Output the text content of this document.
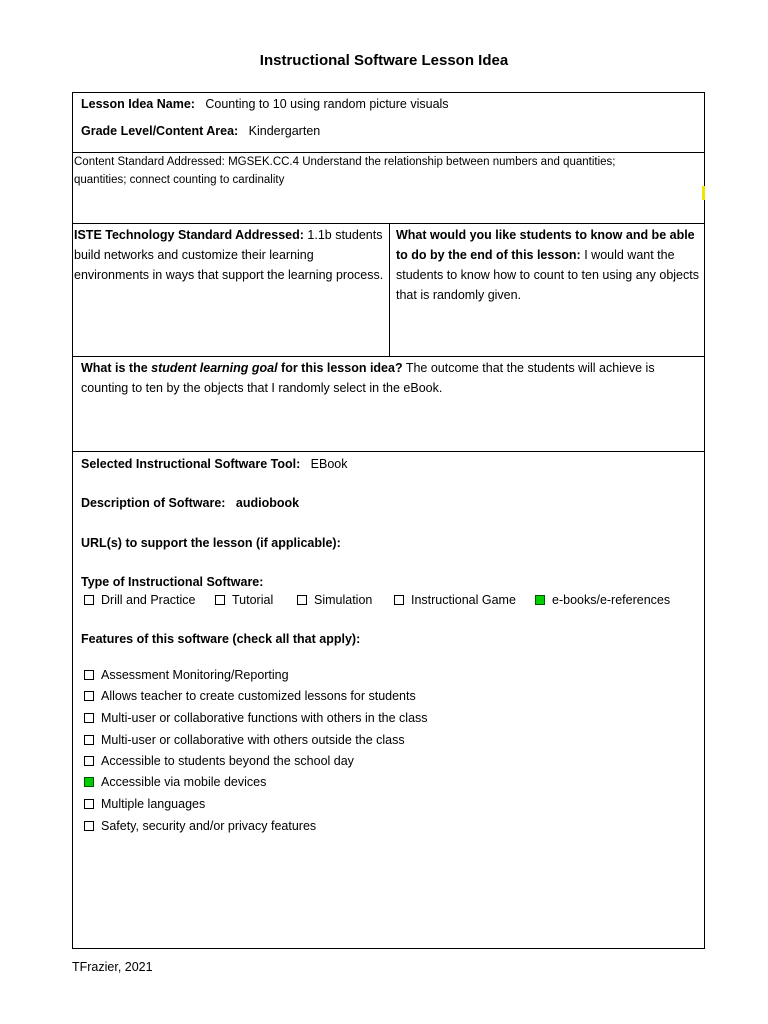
Instructional Software Lesson Idea
Lesson Idea Name: Counting to 10 using random picture visuals
Grade Level/Content Area: Kindergarten
Content Standard Addressed: MGSEK.CC.4 Understand the relationship between numbers and quantities;
quantities; connect counting to cardinality
ISTE Technology Standard Addressed: 1.1b students build networks and customize their learning environments in ways that support the learning process.
What would you like students to know and be able to do by the end of this lesson: I would want the students to know how to count to ten using any objects that is randomly given.
What is the student learning goal for this lesson idea? The outcome that the students will achieve is counting to ten by the objects that I randomly select in the eBook.
Selected Instructional Software Tool: EBook
Description of Software: audiobook
URL(s) to support the lesson (if applicable):
Type of Instructional Software:
Drill and Practice	Tutorial	Simulation	Instructional Game	e-books/e-references
Features of this software (check all that apply):
Assessment Monitoring/Reporting
Allows teacher to create customized lessons for students
Multi-user or collaborative functions with others in the class
Multi-user or collaborative with others outside the class
Accessible to students beyond the school day
Accessible via mobile devices
Multiple languages
Safety, security and/or privacy features
TFrazier, 2021
